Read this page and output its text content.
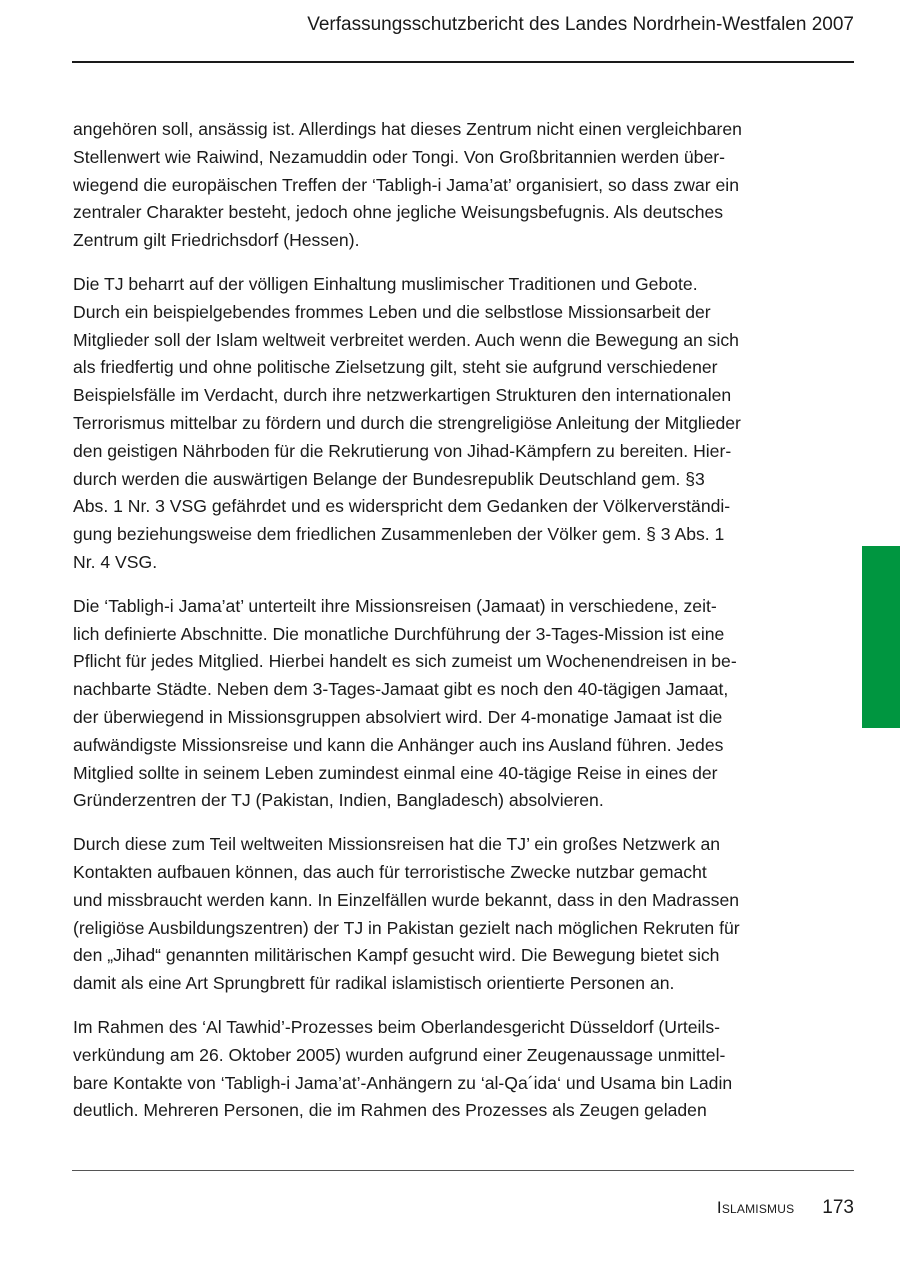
Verfassungsschutzbericht des Landes Nordrhein-Westfalen 2007

angehören soll, ansässig ist. Allerdings hat dieses Zentrum nicht einen vergleichbaren
Stellenwert wie Raiwind, Nezamuddin oder Tongi. Von Großbritannien werden über-
wiegend die europäischen Treffen der ‘Tabligh-i Jama’at’ organisiert, so dass zwar ein
zentraler Charakter besteht, jedoch ohne jegliche Weisungsbefugnis. Als deutsches
Zentrum gilt Friedrichsdorf (Hessen).

Die TJ beharrt auf der völligen Einhaltung muslimischer Traditionen und Gebote.
Durch ein beispielgebendes frommes Leben und die selbstlose Missionsarbeit der
Mitglieder soll der Islam weltweit verbreitet werden. Auch wenn die Bewegung an sich
als friedfertig und ohne politische Zielsetzung gilt, steht sie aufgrund verschiedener
Beispielsfälle im Verdacht, durch ihre netzwerkartigen Strukturen den internationalen
Terrorismus mittelbar zu fördern und durch die strengreligiöse Anleitung der Mitglieder
den geistigen Nährboden für die Rekrutierung von Jihad-Kämpfern zu bereiten. Hier-
durch werden die auswärtigen Belange der Bundesrepublik Deutschland gem. §3
Abs. 1 Nr. 3 VSG gefährdet und es widerspricht dem Gedanken der Völkerverständi-
gung beziehungsweise dem friedlichen Zusammenleben der Völker gem. § 3 Abs. 1
Nr. 4 VSG.

Die ‘Tabligh-i Jama’at’ unterteilt ihre Missionsreisen (Jamaat) in verschiedene, zeit-
lich definierte Abschnitte. Die monatliche Durchführung der 3-Tages-Mission ist eine
Pflicht für jedes Mitglied. Hierbei handelt es sich zumeist um Wochenendreisen in be-
nachbarte Städte. Neben dem 3-Tages-Jamaat gibt es noch den 40-tägigen Jamaat,
der überwiegend in Missionsgruppen absolviert wird. Der 4-monatige Jamaat ist die
aufwändigste Missionsreise und kann die Anhänger auch ins Ausland führen. Jedes
Mitglied sollte in seinem Leben zumindest einmal eine 40-tägige Reise in eines der
Gründerzentren der TJ (Pakistan, Indien, Bangladesch) absolvieren.

Durch diese zum Teil weltweiten Missionsreisen hat die TJ’ ein großes Netzwerk an
Kontakten aufbauen können, das auch für terroristische Zwecke nutzbar gemacht
und missbraucht werden kann. In Einzelfällen wurde bekannt, dass in den Madrassen
(religiöse Ausbildungszentren) der TJ in Pakistan gezielt nach möglichen Rekruten für
den „Jihad“ genannten militärischen Kampf gesucht wird. Die Bewegung bietet sich
damit als eine Art Sprungbrett für radikal islamistisch orientierte Personen an.

Im Rahmen des ‘Al Tawhid’-Prozesses beim Oberlandesgericht Düsseldorf (Urteils-
verkündung am 26. Oktober 2005) wurden aufgrund einer Zeugenaussage unmittel-
bare Kontakte von ‘Tabligh-i Jama’at’-Anhängern zu ‘al-Qa´ida‘ und Usama bin Ladin
deutlich. Mehreren Personen, die im Rahmen des Prozesses als Zeugen geladen

Islamismus 173
